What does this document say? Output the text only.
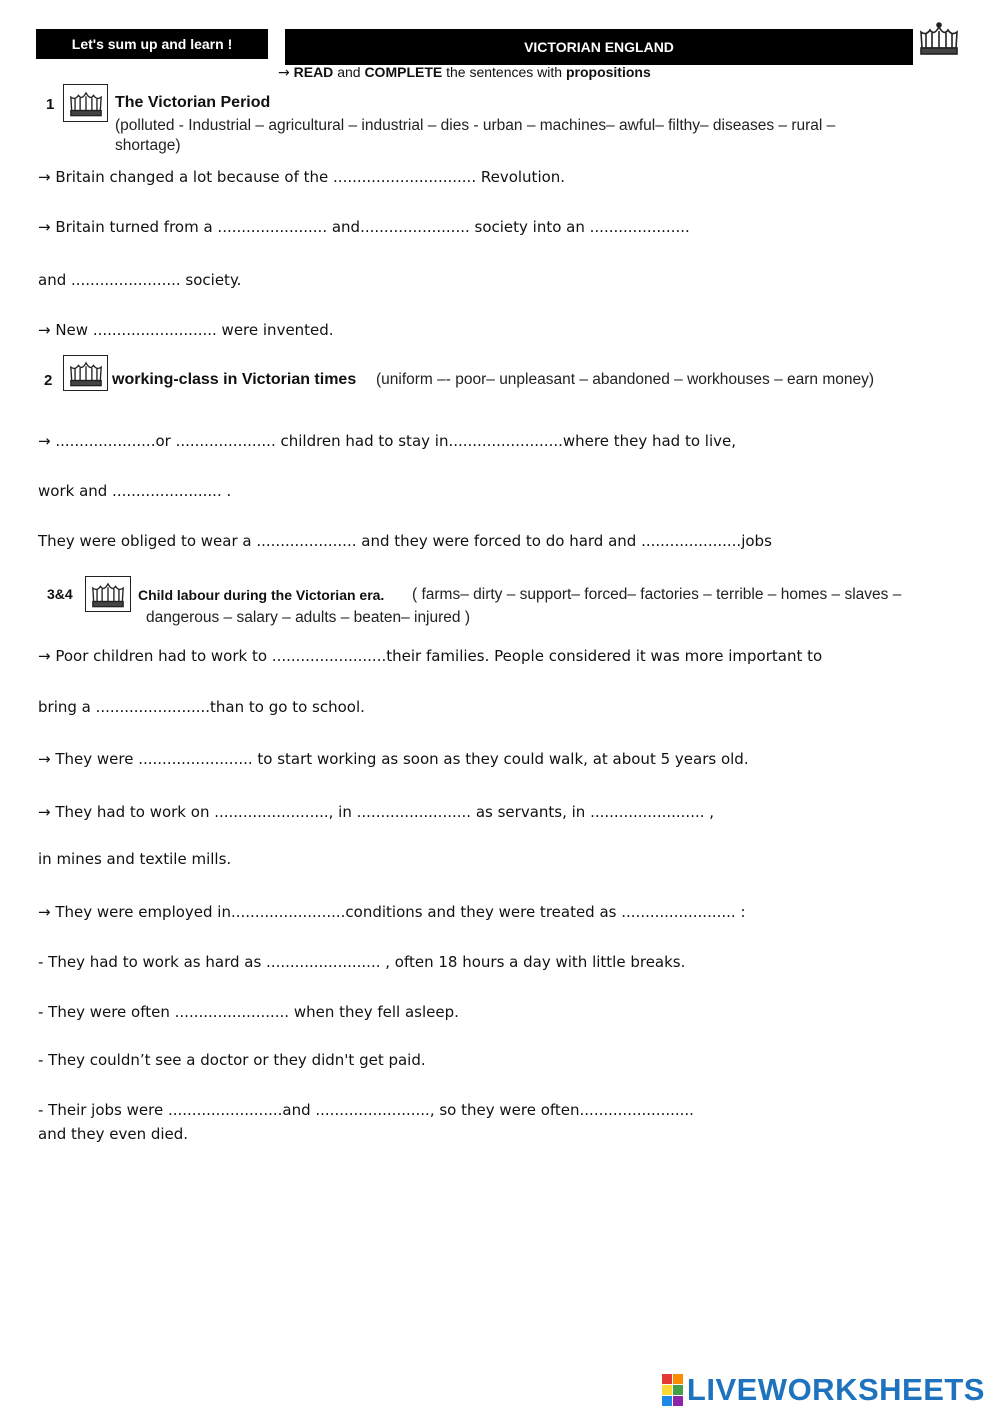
Let's sum up and learn !	VICTORIAN ENGLAND
→ READ and COMPLETE the sentences with propositions
1	The Victorian Period
(polluted - Industrial – agricultural – industrial – dies - urban – machines– awful– filthy– diseases – rural –
shortage)
→ Britain changed a lot because of the .............................. Revolution.
→ Britain turned from a ....................... and....................... society into an .....................
and ....................... society.
→ New .......................... were invented.
2	working-class in Victorian times (uniform –- poor– unpleasant – abandoned – workhouses – earn money)
→ .....................or ..................... children had to stay in........................where they had to live,
work and ....................... .
They were obliged to wear a ..................... and they were forced to do hard and .....................jobs
3&4	Child labour during the Victorian era. ( farms– dirty – support– forced– factories – terrible – homes – slaves –
dangerous – salary – adults – beaten– injured )
→ Poor children had to work to ........................their families. People considered it was more important to
bring a ........................than to go to school.
→ They were ........................ to start working as soon as they could walk, at about 5 years old.
→ They had to work on ........................, in ........................ as servants, in ........................ ,
in mines and textile mills.
→ They were employed in........................conditions and they were treated as ........................ :
- They had to work as hard as ........................ , often 18 hours a day with little breaks.
- They were often ........................ when they fell asleep.
- They couldn’t see a doctor or they didn't get paid.
- Their jobs were ........................and ........................, so they were often........................
and they even died.
LIVEWORKSHEETS
